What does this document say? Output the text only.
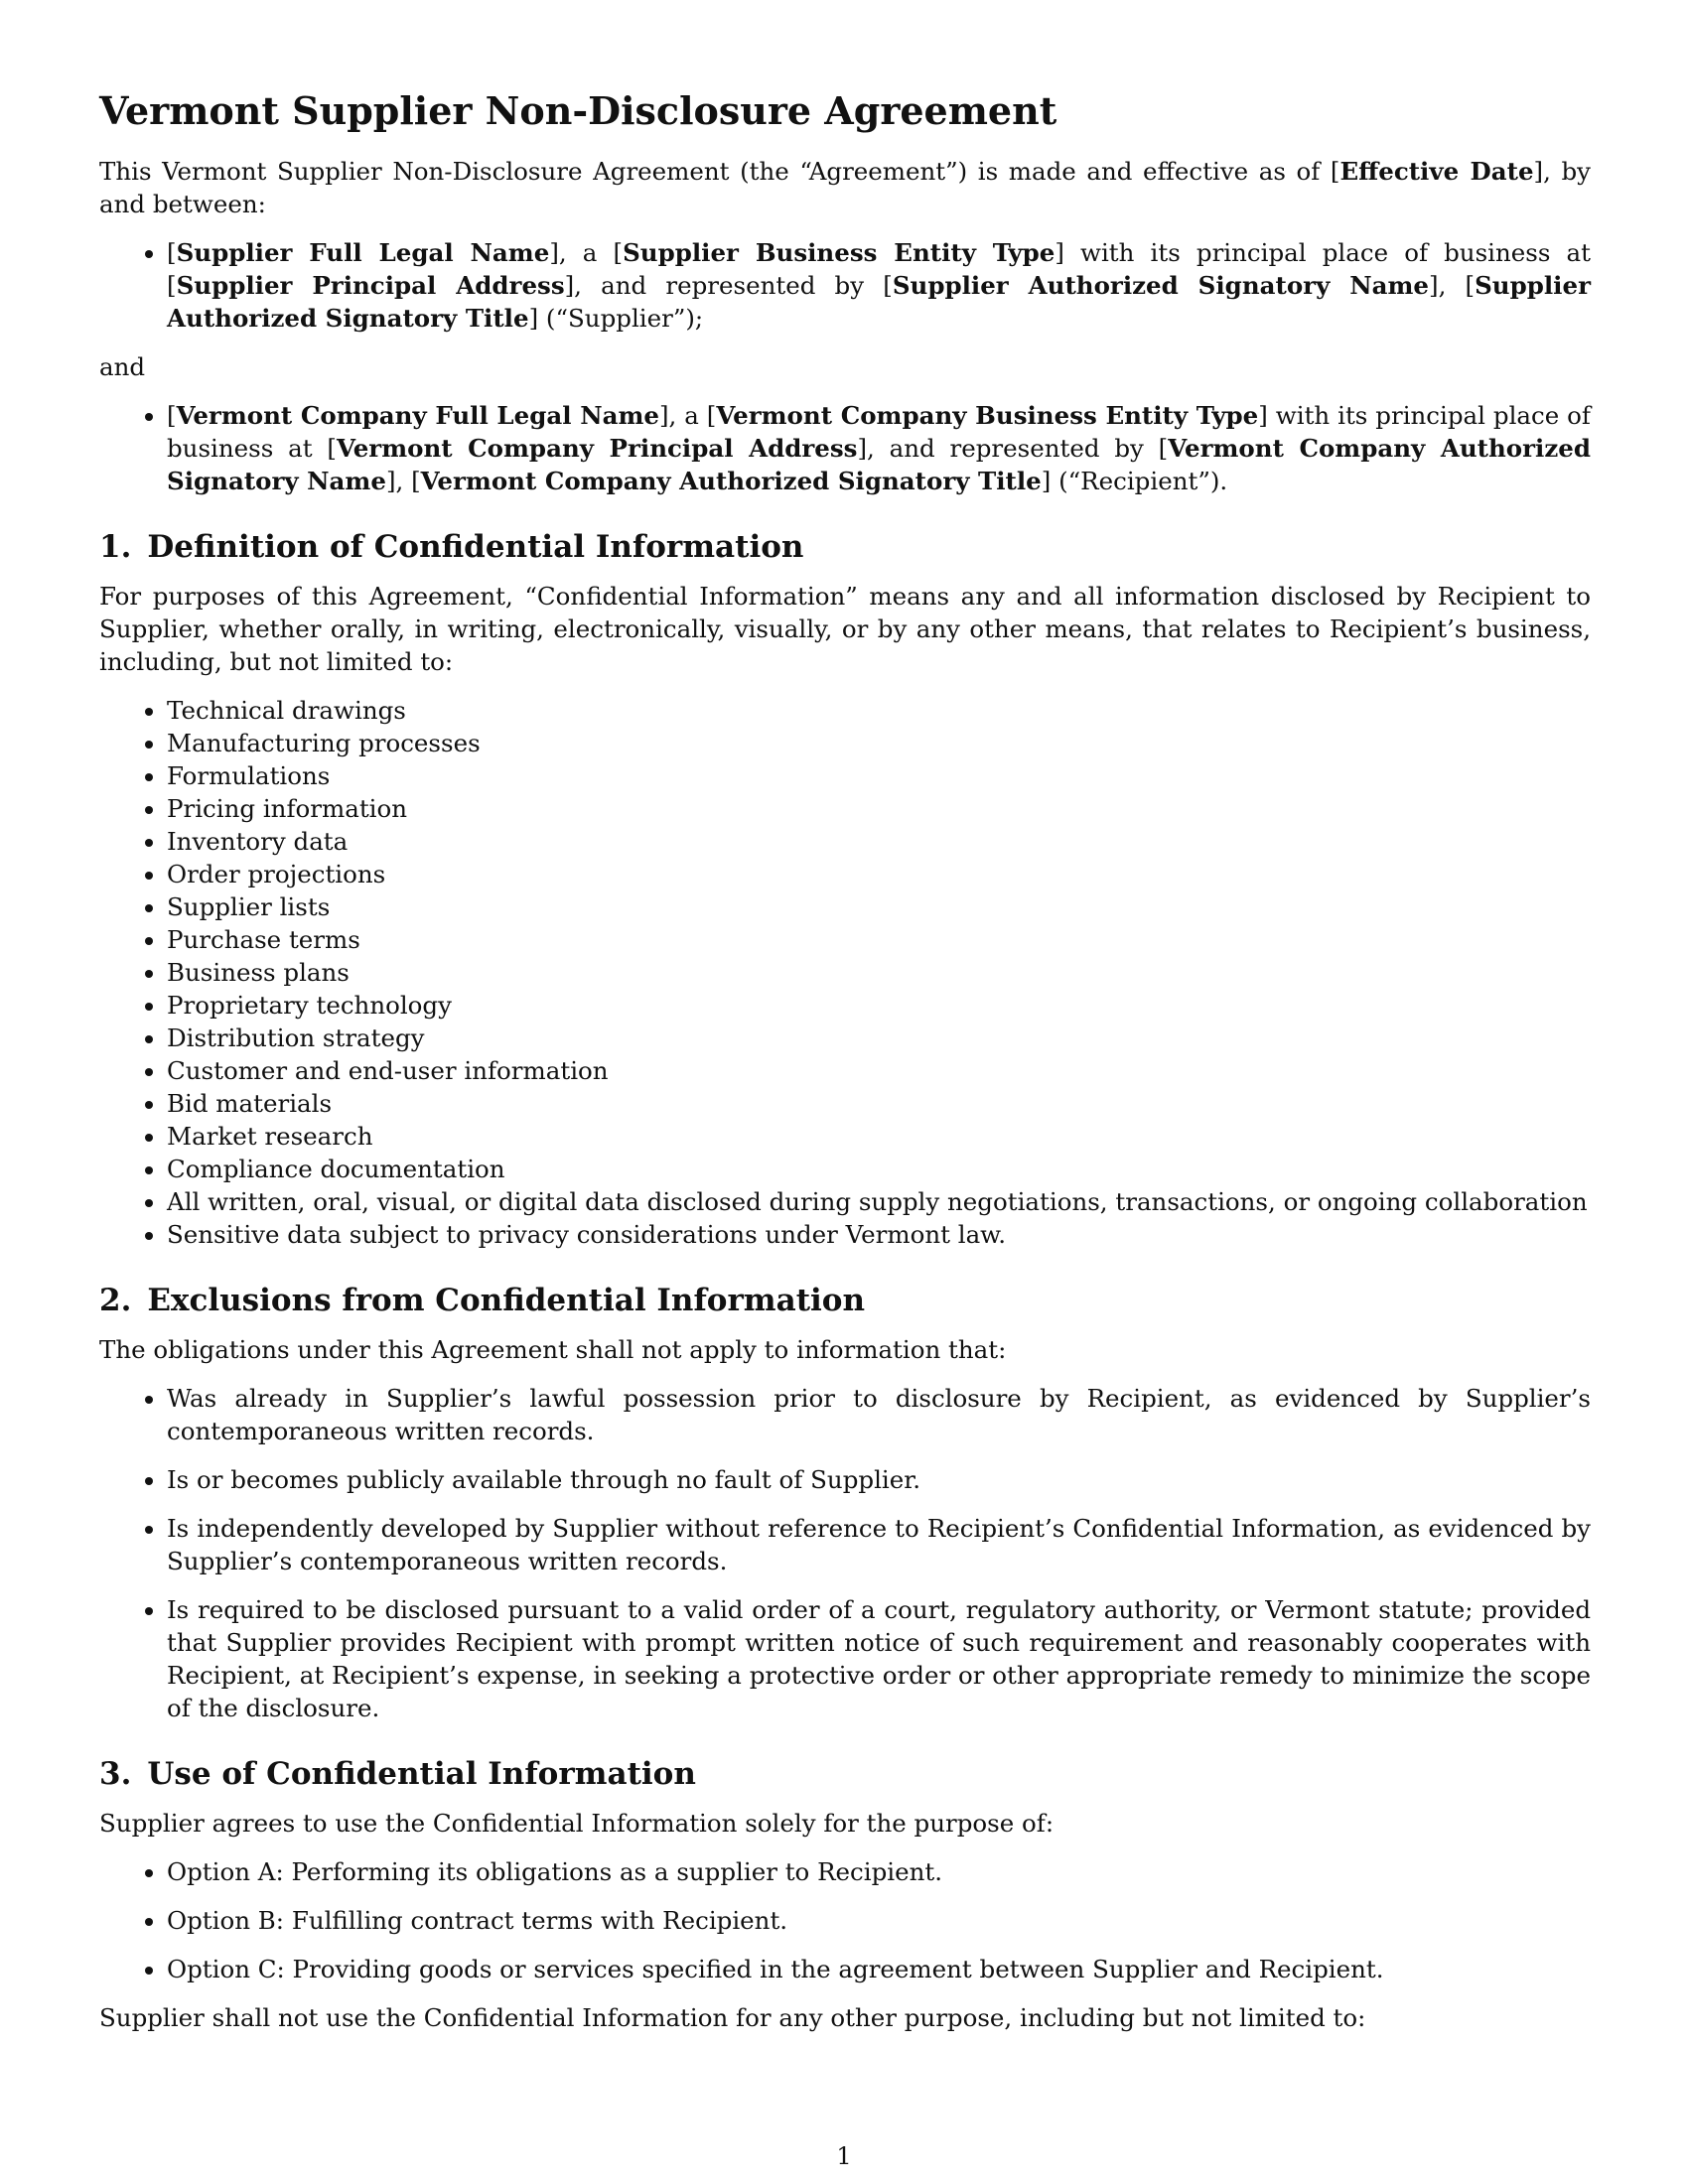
Vermont Supplier Non-Disclosure Agreement

This Vermont Supplier Non-Disclosure Agreement (the “Agreement”) is made and effective as of [Effective Date], by and between:

• [Supplier Full Legal Name], a [Supplier Business Entity Type] with its principal place of business at [Supplier Principal Address], and represented by [Supplier Authorized Signatory Name], [Supplier Authorized Signatory Title] (“Supplier”);

and

• [Vermont Company Full Legal Name], a [Vermont Company Business Entity Type] with its principal place of business at [Vermont Company Principal Address], and represented by [Vermont Company Authorized Signatory Name], [Vermont Company Authorized Signatory Title] (“Recipient”).
1. Definition of Confidential Information

For purposes of this Agreement, “Confidential Information” means any and all information disclosed by Recipient to Supplier, whether orally, in writing, electronically, visually, or by any other means, that relates to Recipient’s business, including, but not limited to:

• Technical drawings
• Manufacturing processes
• Formulations
• Pricing information
• Inventory data
• Order projections
• Supplier lists
• Purchase terms
• Business plans
• Proprietary technology
• Distribution strategy
• Customer and end-user information
• Bid materials
• Market research
• Compliance documentation
• All written, oral, visual, or digital data disclosed during supply negotiations, transactions, or ongoing collaboration
• Sensitive data subject to privacy considerations under Vermont law.
2. Exclusions from Confidential Information

The obligations under this Agreement shall not apply to information that:

• Was already in Supplier’s lawful possession prior to disclosure by Recipient, as evidenced by Supplier’s contemporaneous written records.
• Is or becomes publicly available through no fault of Supplier.
• Is independently developed by Supplier without reference to Recipient’s Confidential Information, as evidenced by Supplier’s contemporaneous written records.
• Is required to be disclosed pursuant to a valid order of a court, regulatory authority, or Vermont statute; provided that Supplier provides Recipient with prompt written notice of such requirement and reasonably cooperates with Recipient, at Recipient’s expense, in seeking a protective order or other appropriate remedy to minimize the scope of the disclosure.
3. Use of Confidential Information

Supplier agrees to use the Confidential Information solely for the purpose of:

• Option A: Performing its obligations as a supplier to Recipient.
• Option B: Fulfilling contract terms with Recipient.
• Option C: Providing goods or services specified in the agreement between Supplier and Recipient.

Supplier shall not use the Confidential Information for any other purpose, including but not limited to:

1
